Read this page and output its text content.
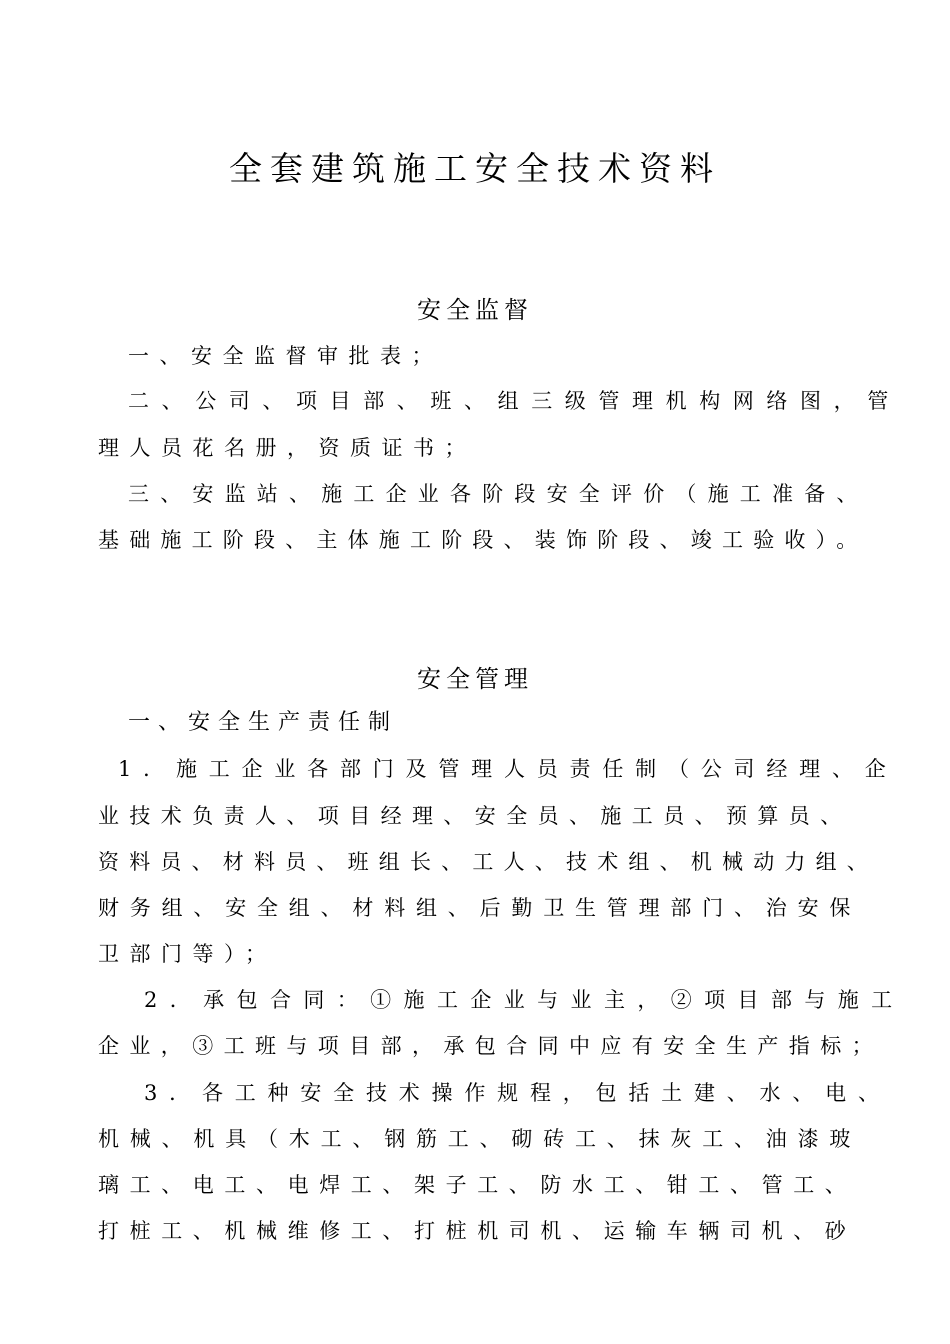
全套建筑施工安全技术资料
安全监督
一、安全监督审批表；
二、公司、项目部、班、组三级管理机构网络图，管
理人员花名册，资质证书；
三、安监站、施工企业各阶段安全评价（施工准备、
基础施工阶段、主体施工阶段、装饰阶段、竣工验收）。
安全管理
一、安全生产责任制
1．施工企业各部门及管理人员责任制（公司经理、企
业技术负责人、项目经理、安全员、施工员、预算员、
资料员、材料员、班组长、工人、技术组、机械动力组、
财务组、安全组、材料组、后勤卫生管理部门、治安保
卫部门等）；
2．承包合同：①施工企业与业主，②项目部与施工
企业，③工班与项目部，承包合同中应有安全生产指标；
3．各工种安全技术操作规程，包括土建、水、电、
机械、机具（木工、钢筋工、砌砖工、抹灰工、油漆玻
璃工、电工、电焊工、架子工、防水工、钳工、管工、
打桩工、机械维修工、打桩机司机、运输车辆司机、砂
